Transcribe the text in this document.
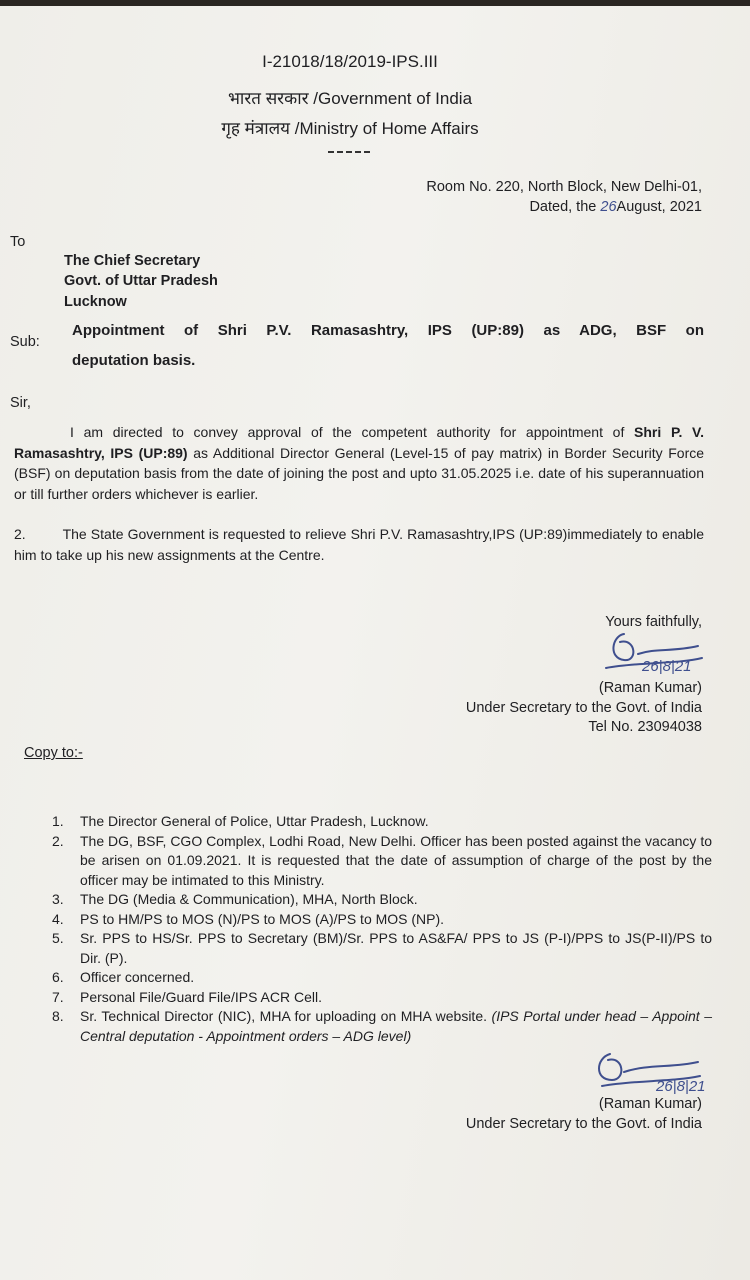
I-21018/18/2019-IPS.III
भारत सरकार /Government of India
गृह मंत्रालय /Ministry of Home Affairs
Room No. 220, North Block, New Delhi-01,
Dated, the 26August, 2021
To
The Chief Secretary
Govt. of Uttar Pradesh
Lucknow
Sub:
Appointment of Shri P.V. Ramasashtry, IPS (UP:89) as ADG, BSF on
deputation basis.
Sir,
I am directed to convey approval of the competent authority for appointment of Shri P. V. Ramasashtry, IPS (UP:89) as Additional Director General (Level-15 of pay matrix) in Border Security Force (BSF) on deputation basis from the date of joining the post and upto 31.05.2025 i.e. date of his superannuation or till further orders whichever is earlier.
2.	The State Government is requested to relieve Shri P.V. Ramasashtry,IPS (UP:89)immediately to enable him to take up his new assignments at the Centre.
Yours faithfully,
26|8|21
(Raman Kumar)
Under Secretary to the Govt. of India
Tel No. 23094038
Copy to:-
1.	The Director General of Police, Uttar Pradesh, Lucknow.
2.	The DG, BSF, CGO Complex, Lodhi Road, New Delhi. Officer has been posted against the vacancy to be arisen on 01.09.2021. It is requested that the date of assumption of charge of the post by the officer may be intimated to this Ministry.
3.	The DG (Media & Communication), MHA, North Block.
4.	PS to HM/PS to MOS (N)/PS to MOS (A)/PS to MOS (NP).
5.	Sr. PPS to HS/Sr. PPS to Secretary (BM)/Sr. PPS to AS&FA/ PPS to JS (P-I)/PPS to JS(P-II)/PS to Dir. (P).
6.	Officer concerned.
7.	Personal File/Guard File/IPS ACR Cell.
8.	Sr. Technical Director (NIC), MHA for uploading on MHA website. (IPS Portal under head – Appoint – Central deputation - Appointment orders – ADG level)
26|8|21
(Raman Kumar)
Under Secretary to the Govt. of India
